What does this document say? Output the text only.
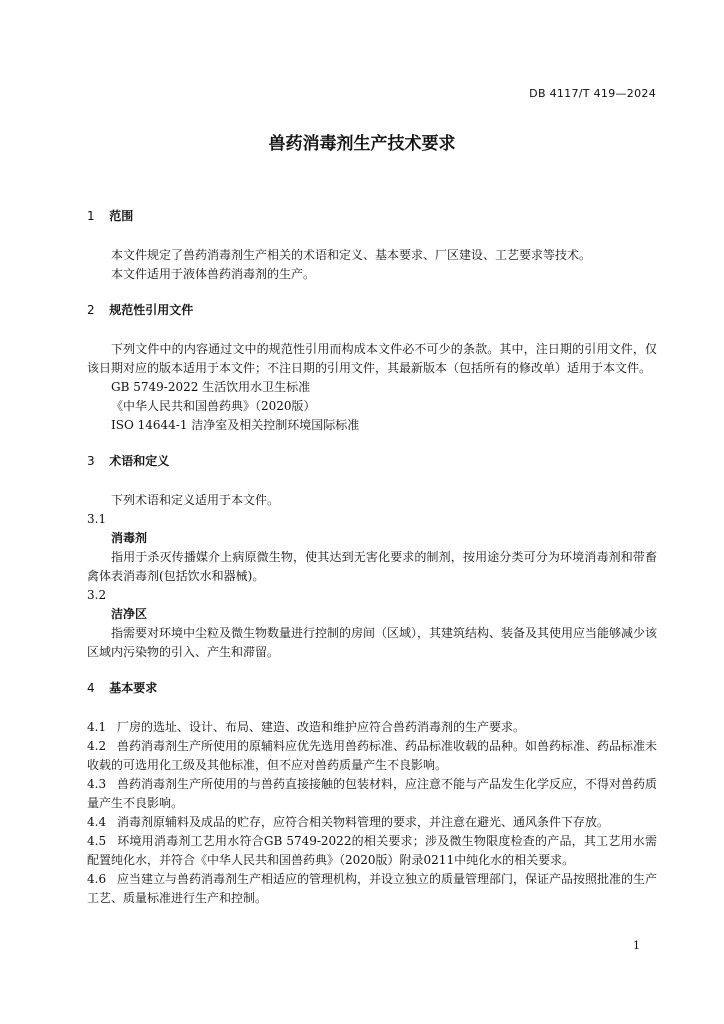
DB 4117/T 419—2024
兽药消毒剂生产技术要求
1 范围

本文件规定了兽药消毒剂生产相关的术语和定义、基本要求、厂区建设、工艺要求等技术。

本文件适用于液体兽药消毒剂的生产。

2 规范性引用文件

下列文件中的内容通过文中的规范性引用而构成本文件必不可少的条款。其中，注日期的引用文件，仅该日期对应的版本适用于本文件；不注日期的引用文件，其最新版本（包括所有的修改单）适用于本文件。

GB 5749-2022 生活饮用水卫生标准

《中华人民共和国兽药典》（2020版）

ISO 14644-1 洁净室及相关控制环境国际标准

3 术语和定义

下列术语和定义适用于本文件。

3.1

消毒剂

指用于杀灭传播媒介上病原微生物，使其达到无害化要求的制剂，按用途分类可分为环境消毒剂和带畜禽体表消毒剂(包括饮水和器械)。

3.2

洁净区

指需要对环境中尘粒及微生物数量进行控制的房间（区域），其建筑结构、装备及其使用应当能够减少该区域内污染物的引入、产生和滞留。

4 基本要求

4.1 厂房的选址、设计、布局、建造、改造和维护应符合兽药消毒剂的生产要求。

4.2 兽药消毒剂生产所使用的原辅料应优先选用兽药标准、药品标准收载的品种。如兽药标准、药品标准未收载的可选用化工级及其他标准，但不应对兽药质量产生不良影响。

4.3 兽药消毒剂生产所使用的与兽药直接接触的包装材料，应注意不能与产品发生化学反应，不得对兽药质量产生不良影响。

4.4 消毒剂原辅料及成品的贮存，应符合相关物料管理的要求，并注意在避光、通风条件下存放。

4.5 环境用消毒剂工艺用水符合GB 5749-2022的相关要求；涉及微生物限度检查的产品，其工艺用水需配置纯化水，并符合《中华人民共和国兽药典》（2020版）附录0211中纯化水的相关要求。

4.6 应当建立与兽药消毒剂生产相适应的管理机构，并设立独立的质量管理部门，保证产品按照批准的生产工艺、质量标准进行生产和控制。

1
